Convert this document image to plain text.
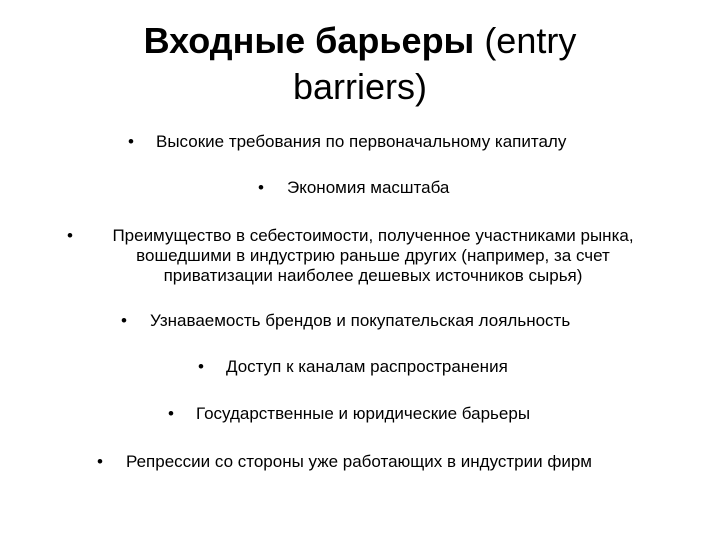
Входные барьеры (entry
barriers)
• Высокие требования по первоначальному капиталу
• Экономия масштаба
•	Преимущество в себестоимости, полученное участниками рынка,
вошедшими в индустрию раньше других (например, за счет
приватизации наиболее дешевых источников сырья)
• Узнаваемость брендов и покупательская лояльность
• Доступ к каналам распространения
• Государственные и юридические барьеры
• Репрессии со стороны уже работающих в индустрии фирм
